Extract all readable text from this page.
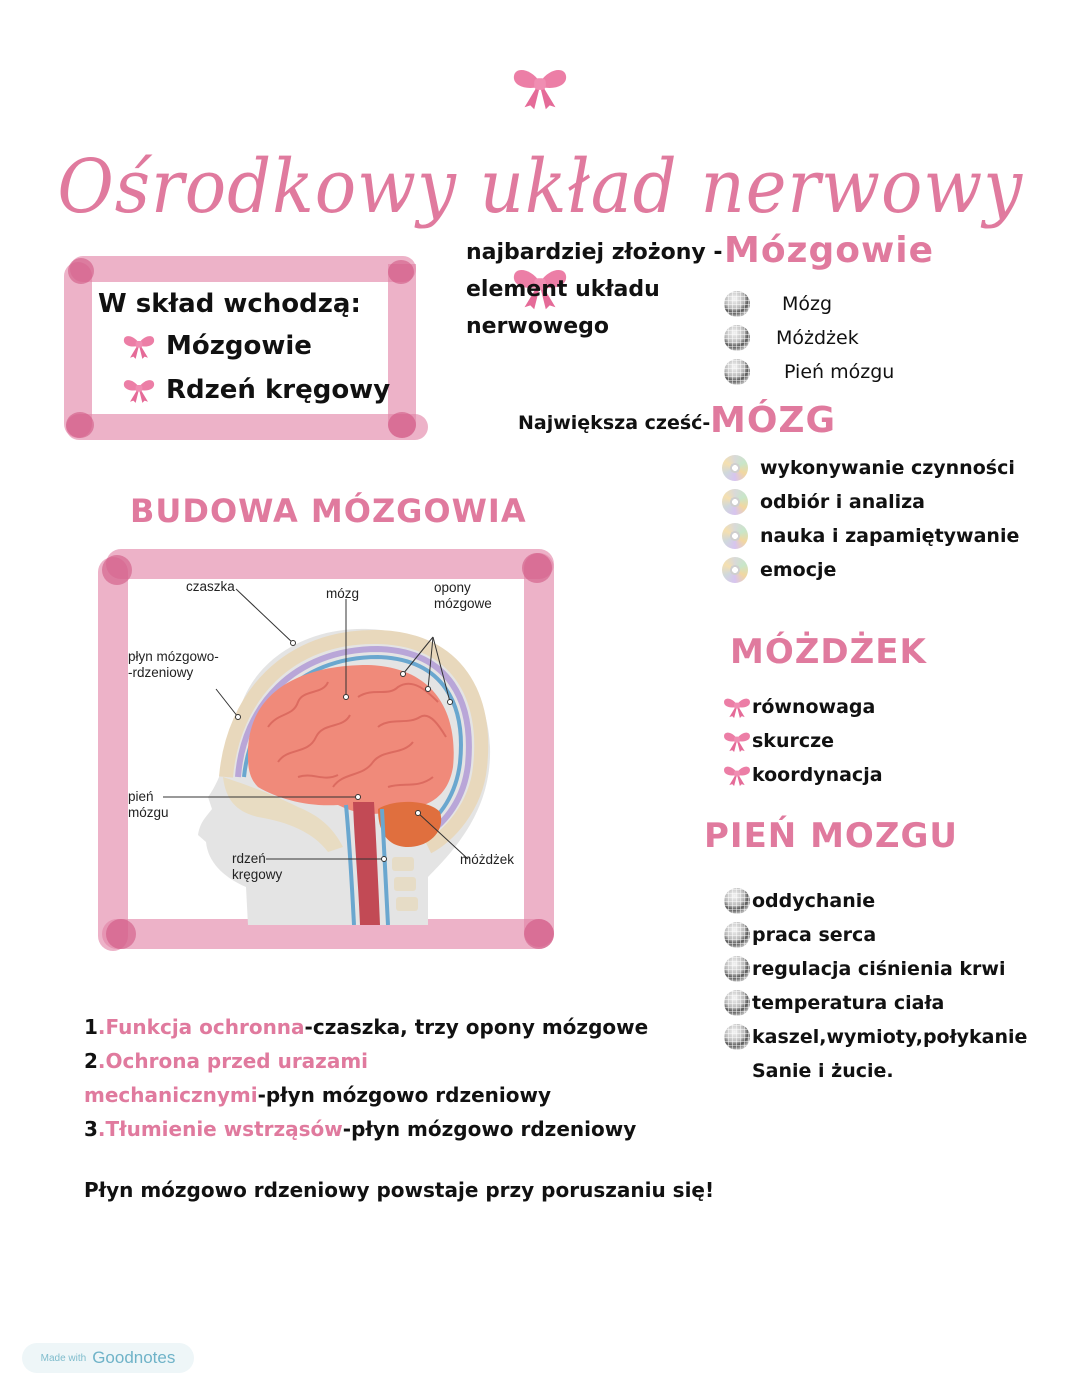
Ośrodkowy układ nerwowy
W skład wchodzą:
Mózgowie
Rdzeń kręgowy
najbardziej złożony -
element układu
nerwowego
Mózgowie
Mózg
Móżdżek
Pień mózgu
Największa cześć- MÓZG
wykonywanie czynności
odbiór i analiza
nauka i zapamiętywanie
emocje
BUDOWA MÓZGOWIA
czaszka	mózg	opony
mózgowe
płyn mózgowo-
-rdzeniowy
pień
mózgu
rdzeń
kręgowy
móżdżek
MÓŻDŻEK
równowaga
skurcze
koordynacja
PIEŃ MOZGU
oddychanie
praca serca
regulacja ciśnienia krwi
temperatura ciała
kaszel,wymioty,połykanie
Sanie i żucie.
1.Funkcja ochronna-czaszka, trzy opony mózgowe
2.Ochrona przed urazami
mechanicznymi-płyn mózgowo rdzeniowy
3.Tłumienie wstrząsów-płyn mózgowo rdzeniowy
Płyn mózgowo rdzeniowy powstaje przy poruszaniu się!
Made with Goodnotes
